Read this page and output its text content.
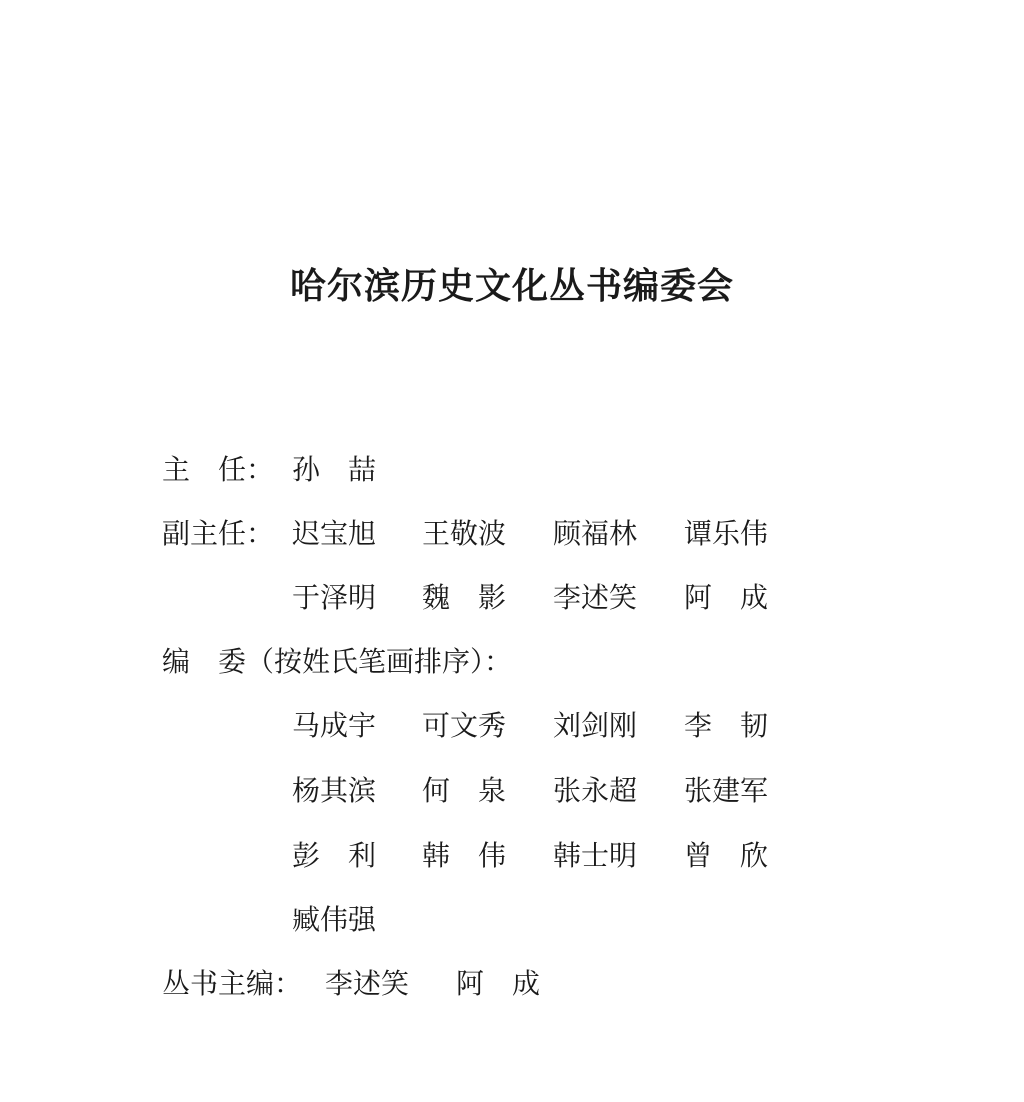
哈尔滨历史文化丛书编委会
主　任： 孙　喆
副主任： 迟宝旭 王敬波 顾福林 谭乐伟
于泽明 魏　影 李述笑 阿　成
编　委（按姓氏笔画排序）：
马成宇 可文秀 刘剑刚 李　韧
杨其滨 何　泉 张永超 张建军
彭　利 韩　伟 韩士明 曾　欣
臧伟强
丛书主编： 李述笑 阿　成
